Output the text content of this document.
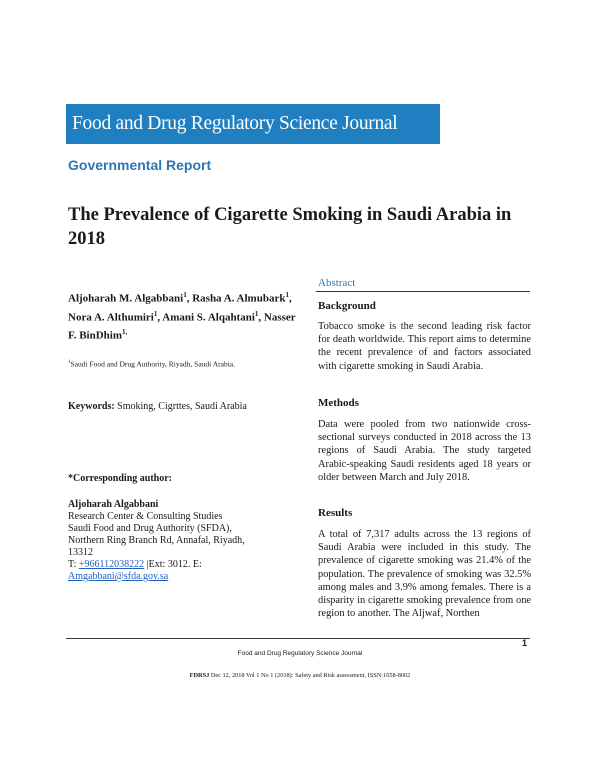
Food and Drug Regulatory Science Journal
Governmental Report
The Prevalence of Cigarette Smoking in Saudi Arabia in 2018
Aljoharah M. Algabbani$^1$, Rasha A. Almubark$^1$, Nora A. Althumiri$^1$, Amani S. Alqahtani$^1$, Nasser F. BinDhim$^{1,}$
$^1$Saudi Food and Drug Authority, Riyadh, Saudi Arabia.
Keywords: Smoking, Cigrttes, Saudi Arabia
*Corresponding author:
Aljoharah Algabbani
Research Center & Consulting Studies
Saudi Food and Drug Authority (SFDA),
Northern Ring Branch Rd, Annafal, Riyadh,
13312
T: +966112038222 |Ext: 3012. E:
Amgabbani@sfda.gov.sa
Abstract
Background
Tobacco smoke is the second leading risk factor for death worldwide. This report aims to determine the recent prevalence of and factors associated with cigarette smoking in Saudi Arabia.
Methods
Data were pooled from two nationwide cross-sectional surveys conducted in 2018 across the 13 regions of Saudi Arabia. The study targeted Arabic-speaking Saudi residents aged 18 years or older between March and July 2018.
Results
A total of 7,317 adults across the 13 regions of Saudi Arabia were included in this study. The prevalence of cigarette smoking was 21.4% of the population. The prevalence of smoking was 32.5% among males and 3.9% among females. There is a disparity in cigarette smoking prevalence from one region to another. The Aljwaf, Northen
1
Food and Drug Regulatory Science Journal
FDRSJ Dec 12, 2018 Vol 1 No 1 (2018): Safety and Risk assessment, ISSN:1658-8002
